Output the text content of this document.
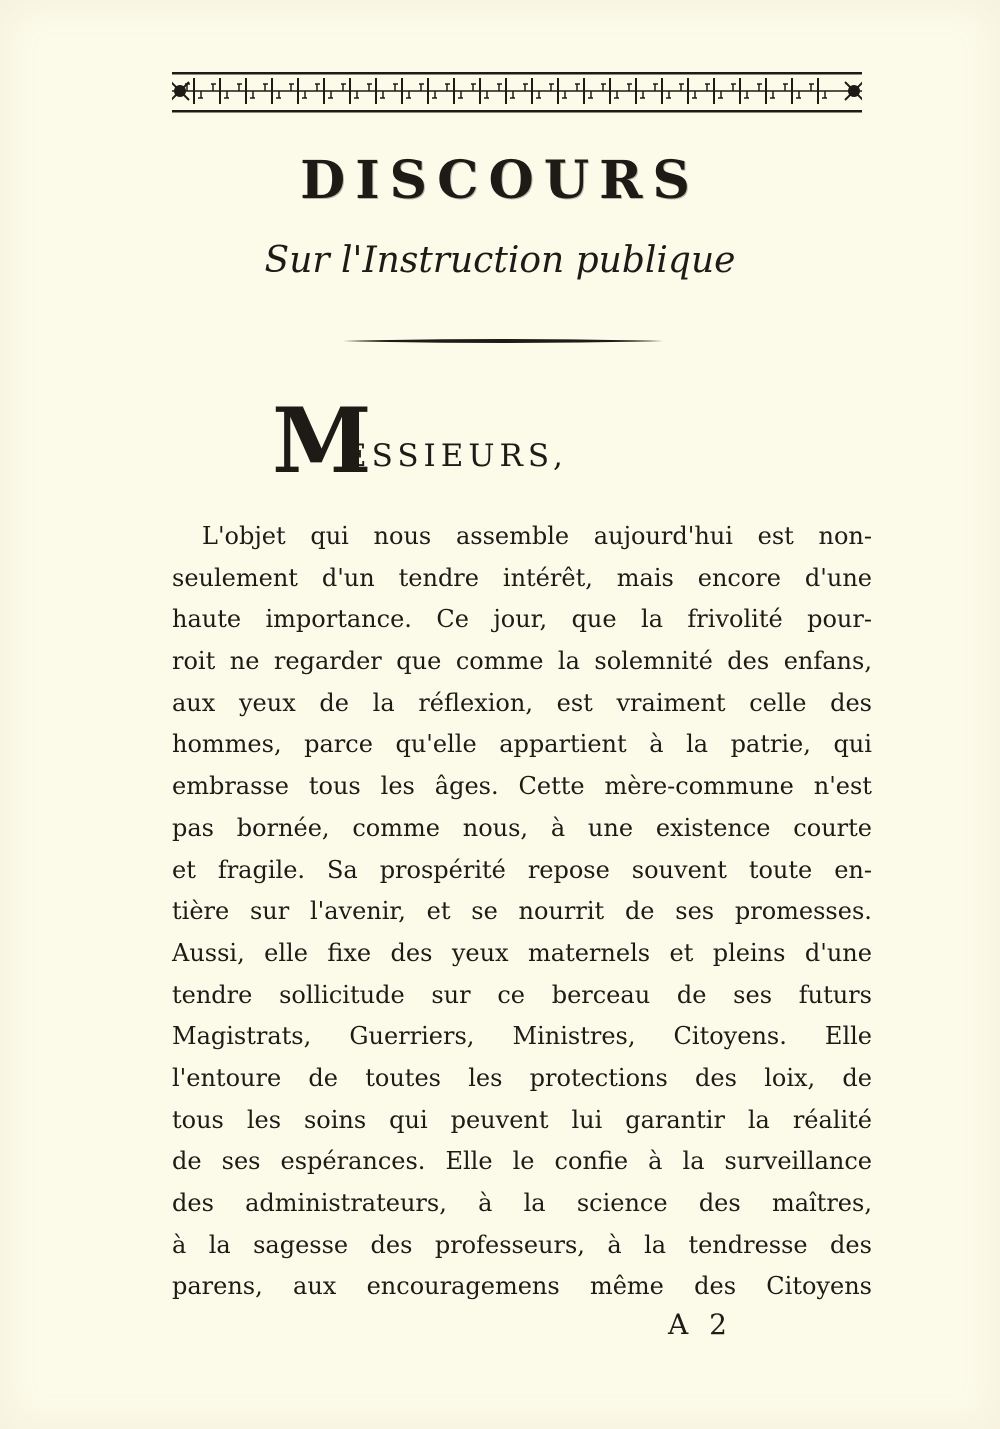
DISCOURS
Sur l'Instruction publique
M
ESSIEURS,
L'objet qui nous assemble aujourd'hui est non-
seulement d'un tendre intérêt, mais encore d'une
haute importance. Ce jour, que la frivolité pour-
roit ne regarder que comme la solemnité des enfans,
aux yeux de la réflexion, est vraiment celle des
hommes, parce qu'elle appartient à la patrie, qui
embrasse tous les âges. Cette mère-commune n'est
pas bornée, comme nous, à une existence courte
et fragile. Sa prospérité repose souvent toute en-
tière sur l'avenir, et se nourrit de ses promesses.
Aussi, elle fixe des yeux maternels et pleins d'une
tendre sollicitude sur ce berceau de ses futurs
Magistrats, Guerriers, Ministres, Citoyens. Elle
l'entoure de toutes les protections des loix, de
tous les soins qui peuvent lui garantir la réalité
de ses espérances. Elle le confie à la surveillance
des administrateurs, à la science des maîtres,
à la sagesse des professeurs, à la tendresse des
parens, aux encouragemens même des Citoyens
A 2
